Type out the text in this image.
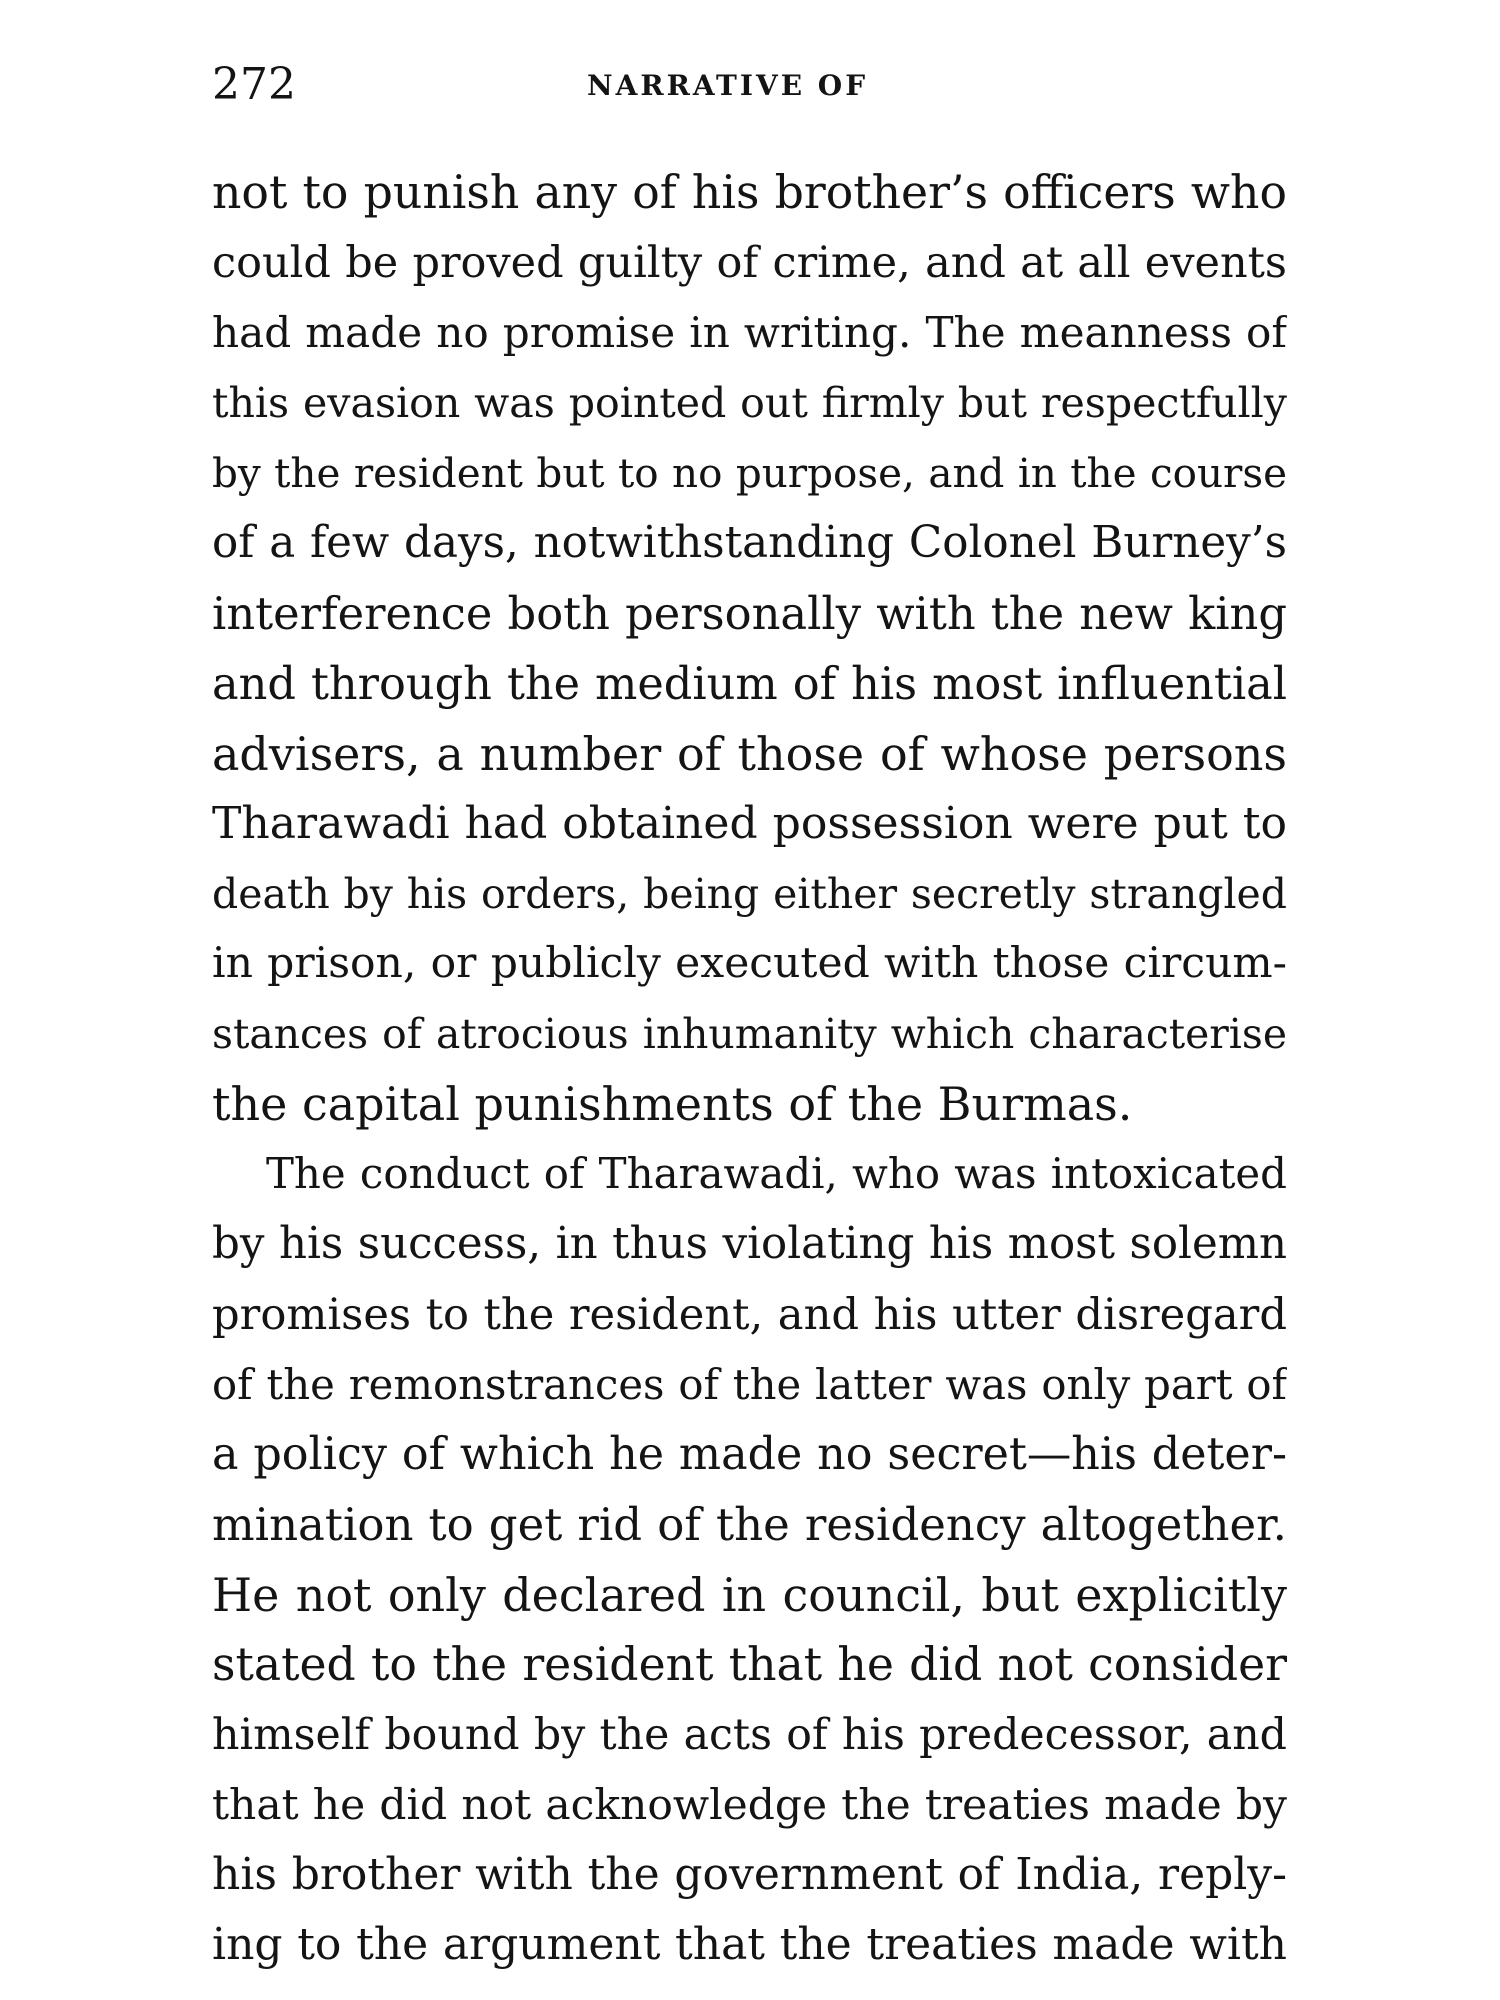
272	NARRATIVE OF
not to punish any of his brother’s officers who
could be proved guilty of crime, and at all events
had made no promise in writing. The meanness of
this evasion was pointed out firmly but respectfully
by the resident but to no purpose, and in the course
of a few days, notwithstanding Colonel Burney’s
interference both personally with the new king
and through the medium of his most influential
advisers, a number of those of whose persons
Tharawadi had obtained possession were put to
death by his orders, being either secretly strangled
in prison, or publicly executed with those circum-
stances of atrocious inhumanity which characterise
the capital punishments of the Burmas.
The conduct of Tharawadi, who was intoxicated
by his success, in thus violating his most solemn
promises to the resident, and his utter disregard
of the remonstrances of the latter was only part of
a policy of which he made no secret—his deter-
mination to get rid of the residency altogether.
He not only declared in council, but explicitly
stated to the resident that he did not consider
himself bound by the acts of his predecessor, and
that he did not acknowledge the treaties made by
his brother with the government of India, reply-
ing to the argument that the treaties made with
